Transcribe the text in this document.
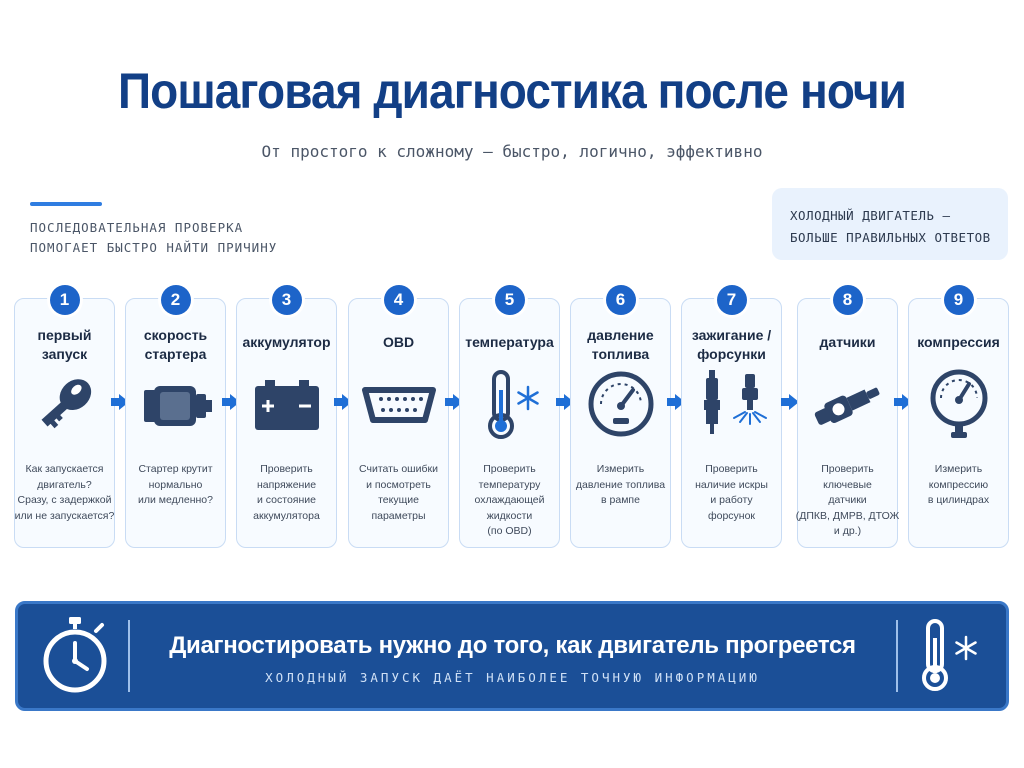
Пошаговая диагностика после ночи
От простого к сложному — быстро, логично, эффективно
ПОСЛЕДОВАТЕЛЬНАЯ ПРОВЕРКА
ПОМОГАЕТ БЫСТРО НАЙТИ ПРИЧИНУ
ХОЛОДНЫЙ ДВИГАТЕЛЬ —
БОЛЬШЕ ПРАВИЛЬНЫХ ОТВЕТОВ
1
первый
запуск
Как запускается
двигатель?
Сразу, с задержкой
или не запускается?
2
скорость
стартера
Стартер крутит
нормально
или медленно?
3
аккумулятор
Проверить
напряжение
и состояние
аккумулятора
4
OBD
Считать ошибки
и посмотреть
текущие
параметры
5
температура
Проверить
температуру
охлаждающей
жидкости
(по OBD)
6
давление
топлива
Измерить
давление топлива
в рампе
7
зажигание /
форсунки
Проверить
наличие искры
и работу
форсунок
8
датчики
Проверить
ключевые
датчики
(ДПКВ, ДМРВ, ДТОЖ
и др.)
9
компрессия
Измерить
компрессию
в цилиндрах
Диагностировать нужно до того, как двигатель прогреется
ХОЛОДНЫЙ ЗАПУСК ДАЁТ НАИБОЛЕЕ ТОЧНУЮ ИНФОРМАЦИЮ
